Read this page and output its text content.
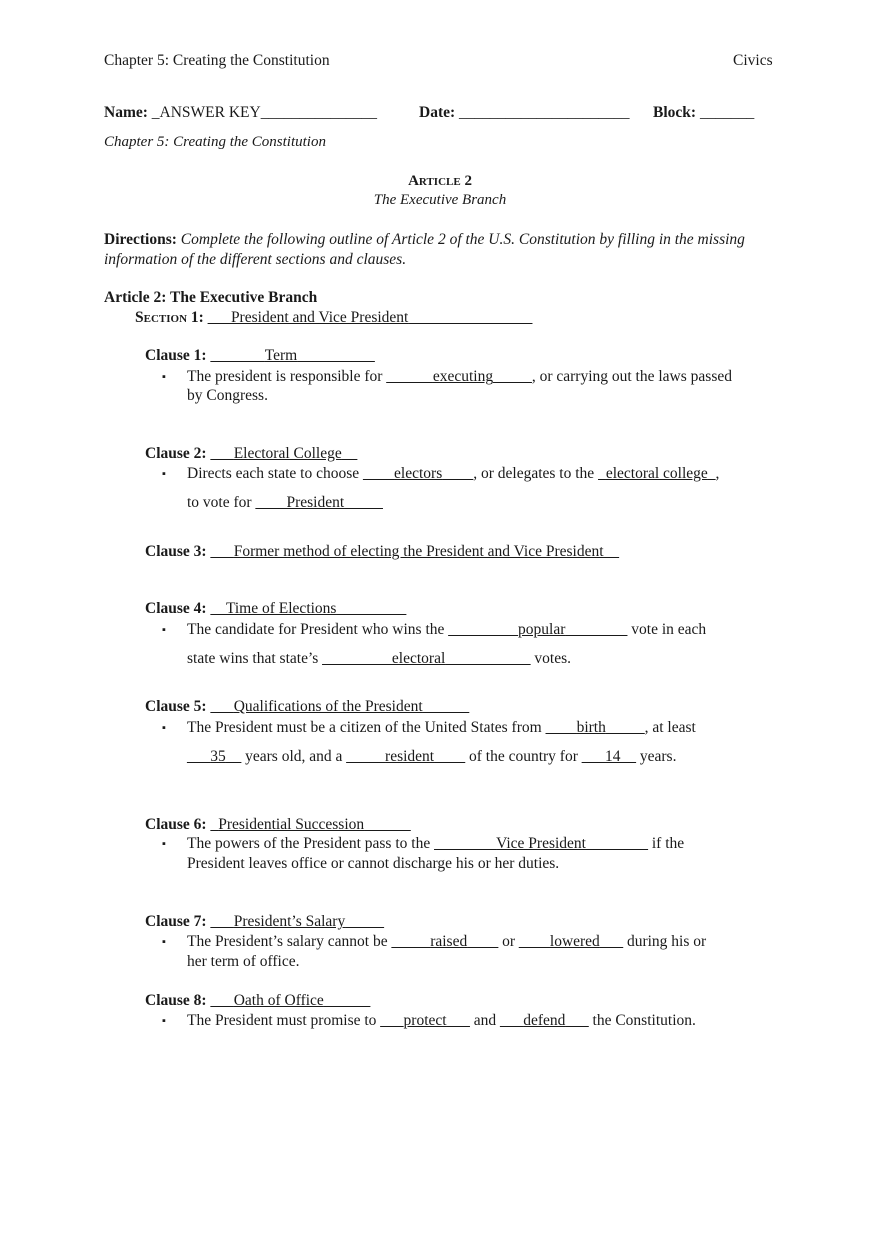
Chapter 5: Creating the Constitution	Civics
Name: _ANSWER KEY_______________	Date: ______________________ Block: _______
Chapter 5: Creating the Constitution
Article 2
The Executive Branch
Directions: Complete the following outline of Article 2 of the U.S. Constitution by filling in the missing
information of the different sections and clauses.
Article 2: The Executive Branch
Section 1: ___President and Vice President________________
Clause 1: _______Term__________
▪ The president is responsible for ______executing_____, or carrying out the laws passed
by Congress.
Clause 2: ___Electoral College__
▪ Directs each state to choose ____electors____, or delegates to the _electoral college_,
to vote for ____President_____
Clause 3: ___Former method of electing the President and Vice President__
Clause 4: __Time of Elections_________
▪ The candidate for President who wins the _________popular________ vote in each
state wins that state’s _________electoral___________ votes.
Clause 5: ___Qualifications of the President______
▪ The President must be a citizen of the United States from ____birth_____, at least
___35__ years old, and a _____resident____ of the country for ___14__ years.
Clause 6: _Presidential Succession______
▪ The powers of the President pass to the ________Vice President________ if the
President leaves office or cannot discharge his or her duties.
Clause 7: ___President’s Salary_____
▪ The President’s salary cannot be _____raised____ or ____lowered___ during his or
her term of office.
Clause 8: ___Oath of Office______
▪ The President must promise to ___protect___ and ___defend___ the Constitution.
